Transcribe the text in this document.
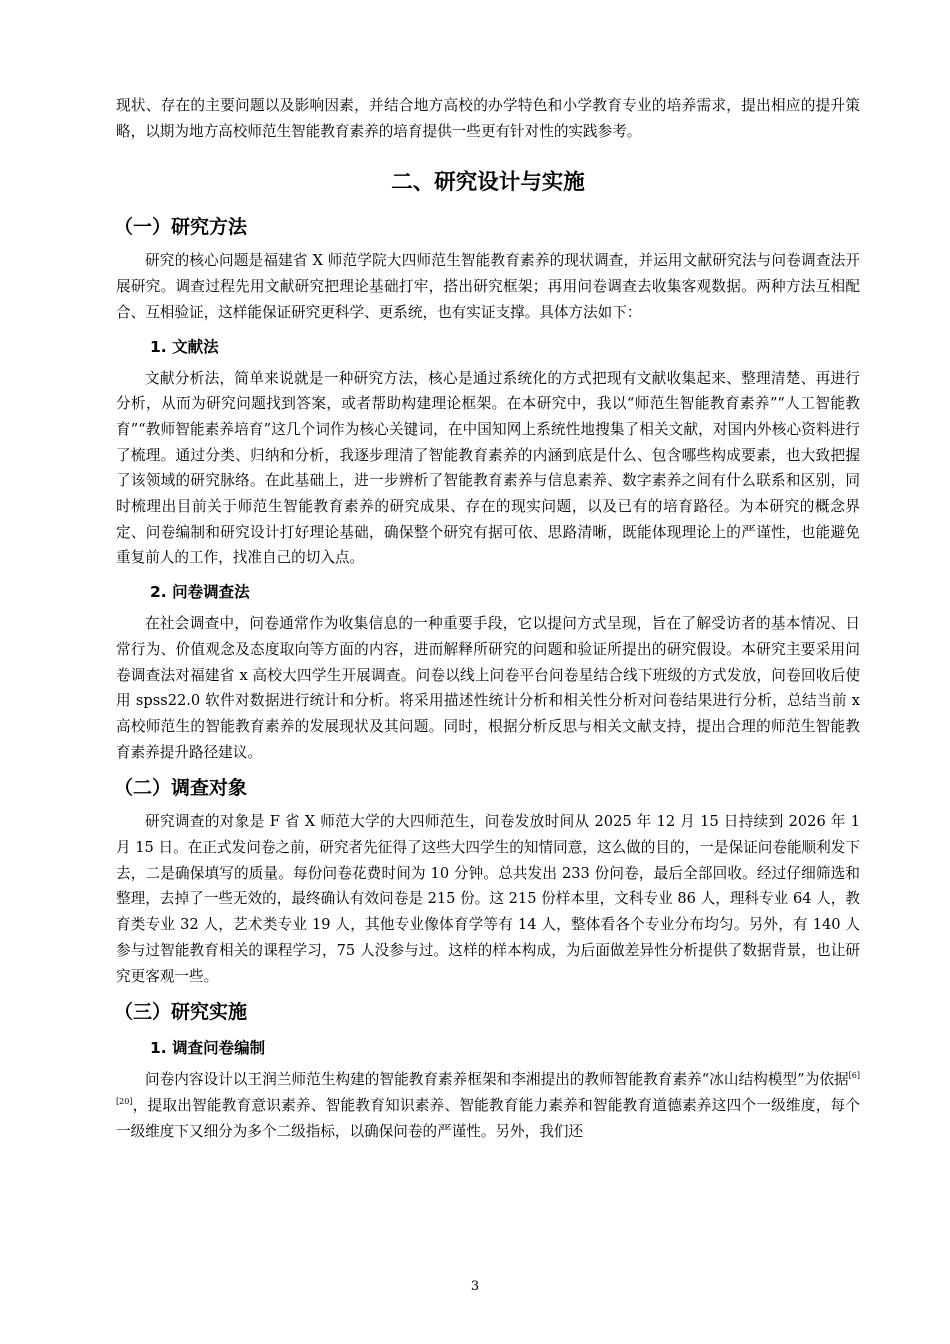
现状、存在的主要问题以及影响因素，并结合地方高校的办学特色和小学教育专业的培养需求，提出相应的提升策略，以期为地方高校师范生智能教育素养的培育提供一些更有针对性的实践参考。

二、研究设计与实施
（一）研究方法

研究的核心问题是福建省 X 师范学院大四师范生智能教育素养的现状调查，并运用文献研究法与问卷调查法开展研究。调查过程先用文献研究把理论基础打牢，搭出研究框架；再用问卷调查去收集客观数据。两种方法互相配合、互相验证，这样能保证研究更科学、更系统，也有实证支撑。具体方法如下：

1. 文献法

文献分析法，简单来说就是一种研究方法，核心是通过系统化的方式把现有文献收集起来、整理清楚、再进行分析，从而为研究问题找到答案，或者帮助构建理论框架。在本研究中，我以“师范生智能教育素养”“人工智能教育”“教师智能素养培育”这几个词作为核心关键词，在中国知网上系统性地搜集了相关文献，对国内外核心资料进行了梳理。通过分类、归纳和分析，我逐步理清了智能教育素养的内涵到底是什么、包含哪些构成要素，也大致把握了该领域的研究脉络。在此基础上，进一步辨析了智能教育素养与信息素养、数字素养之间有什么联系和区别，同时梳理出目前关于师范生智能教育素养的研究成果、存在的现实问题，以及已有的培育路径。为本研究的概念界定、问卷编制和研究设计打好理论基础，确保整个研究有据可依、思路清晰，既能体现理论上的严谨性，也能避免重复前人的工作，找准自己的切入点。

2. 问卷调查法

在社会调查中，问卷通常作为收集信息的一种重要手段，它以提问方式呈现，旨在了解受访者的基本情况、日常行为、价值观念及态度取向等方面的内容，进而解释所研究的问题和验证所提出的研究假设。本研究主要采用问卷调查法对福建省 x 高校大四学生开展调查。问卷以线上问卷平台问卷星结合线下班级的方式发放，问卷回收后使用 spss22.0 软件对数据进行统计和分析。将采用描述性统计分析和相关性分析对问卷结果进行分析，总结当前 x 高校师范生的智能教育素养的发展现状及其问题。同时，根据分析反思与相关文献支持，提出合理的师范生智能教育素养提升路径建议。

（二）调查对象

研究调查的对象是 F 省 X 师范大学的大四师范生，问卷发放时间从 2025 年 12 月 15 日持续到 2026 年 1 月 15 日。在正式发问卷之前，研究者先征得了这些大四学生的知情同意，这么做的目的，一是保证问卷能顺利发下去，二是确保填写的质量。每份问卷花费时间为 10 分钟。总共发出 233 份问卷，最后全部回收。经过仔细筛选和整理，去掉了一些无效的，最终确认有效问卷是 215 份。这 215 份样本里，文科专业 86 人，理科专业 64 人，教育类专业 32 人，艺术类专业 19 人，其他专业像体育学等有 14 人，整体看各个专业分布均匀。另外，有 140 人参与过智能教育相关的课程学习，75 人没参与过。这样的样本构成，为后面做差异性分析提供了数据背景，也让研究更客观一些。

（三）研究实施
1. 调查问卷编制

问卷内容设计以王润兰师范生构建的智能教育素养框架和李湘提出的教师智能教育素养“冰山结构模型”为依据[6][20]，提取出智能教育意识素养、智能教育知识素养、智能教育能力素养和智能教育道德素养这四个一级维度，每个一级维度下又细分为多个二级指标，以确保问卷的严谨性。另外，我们还

3
